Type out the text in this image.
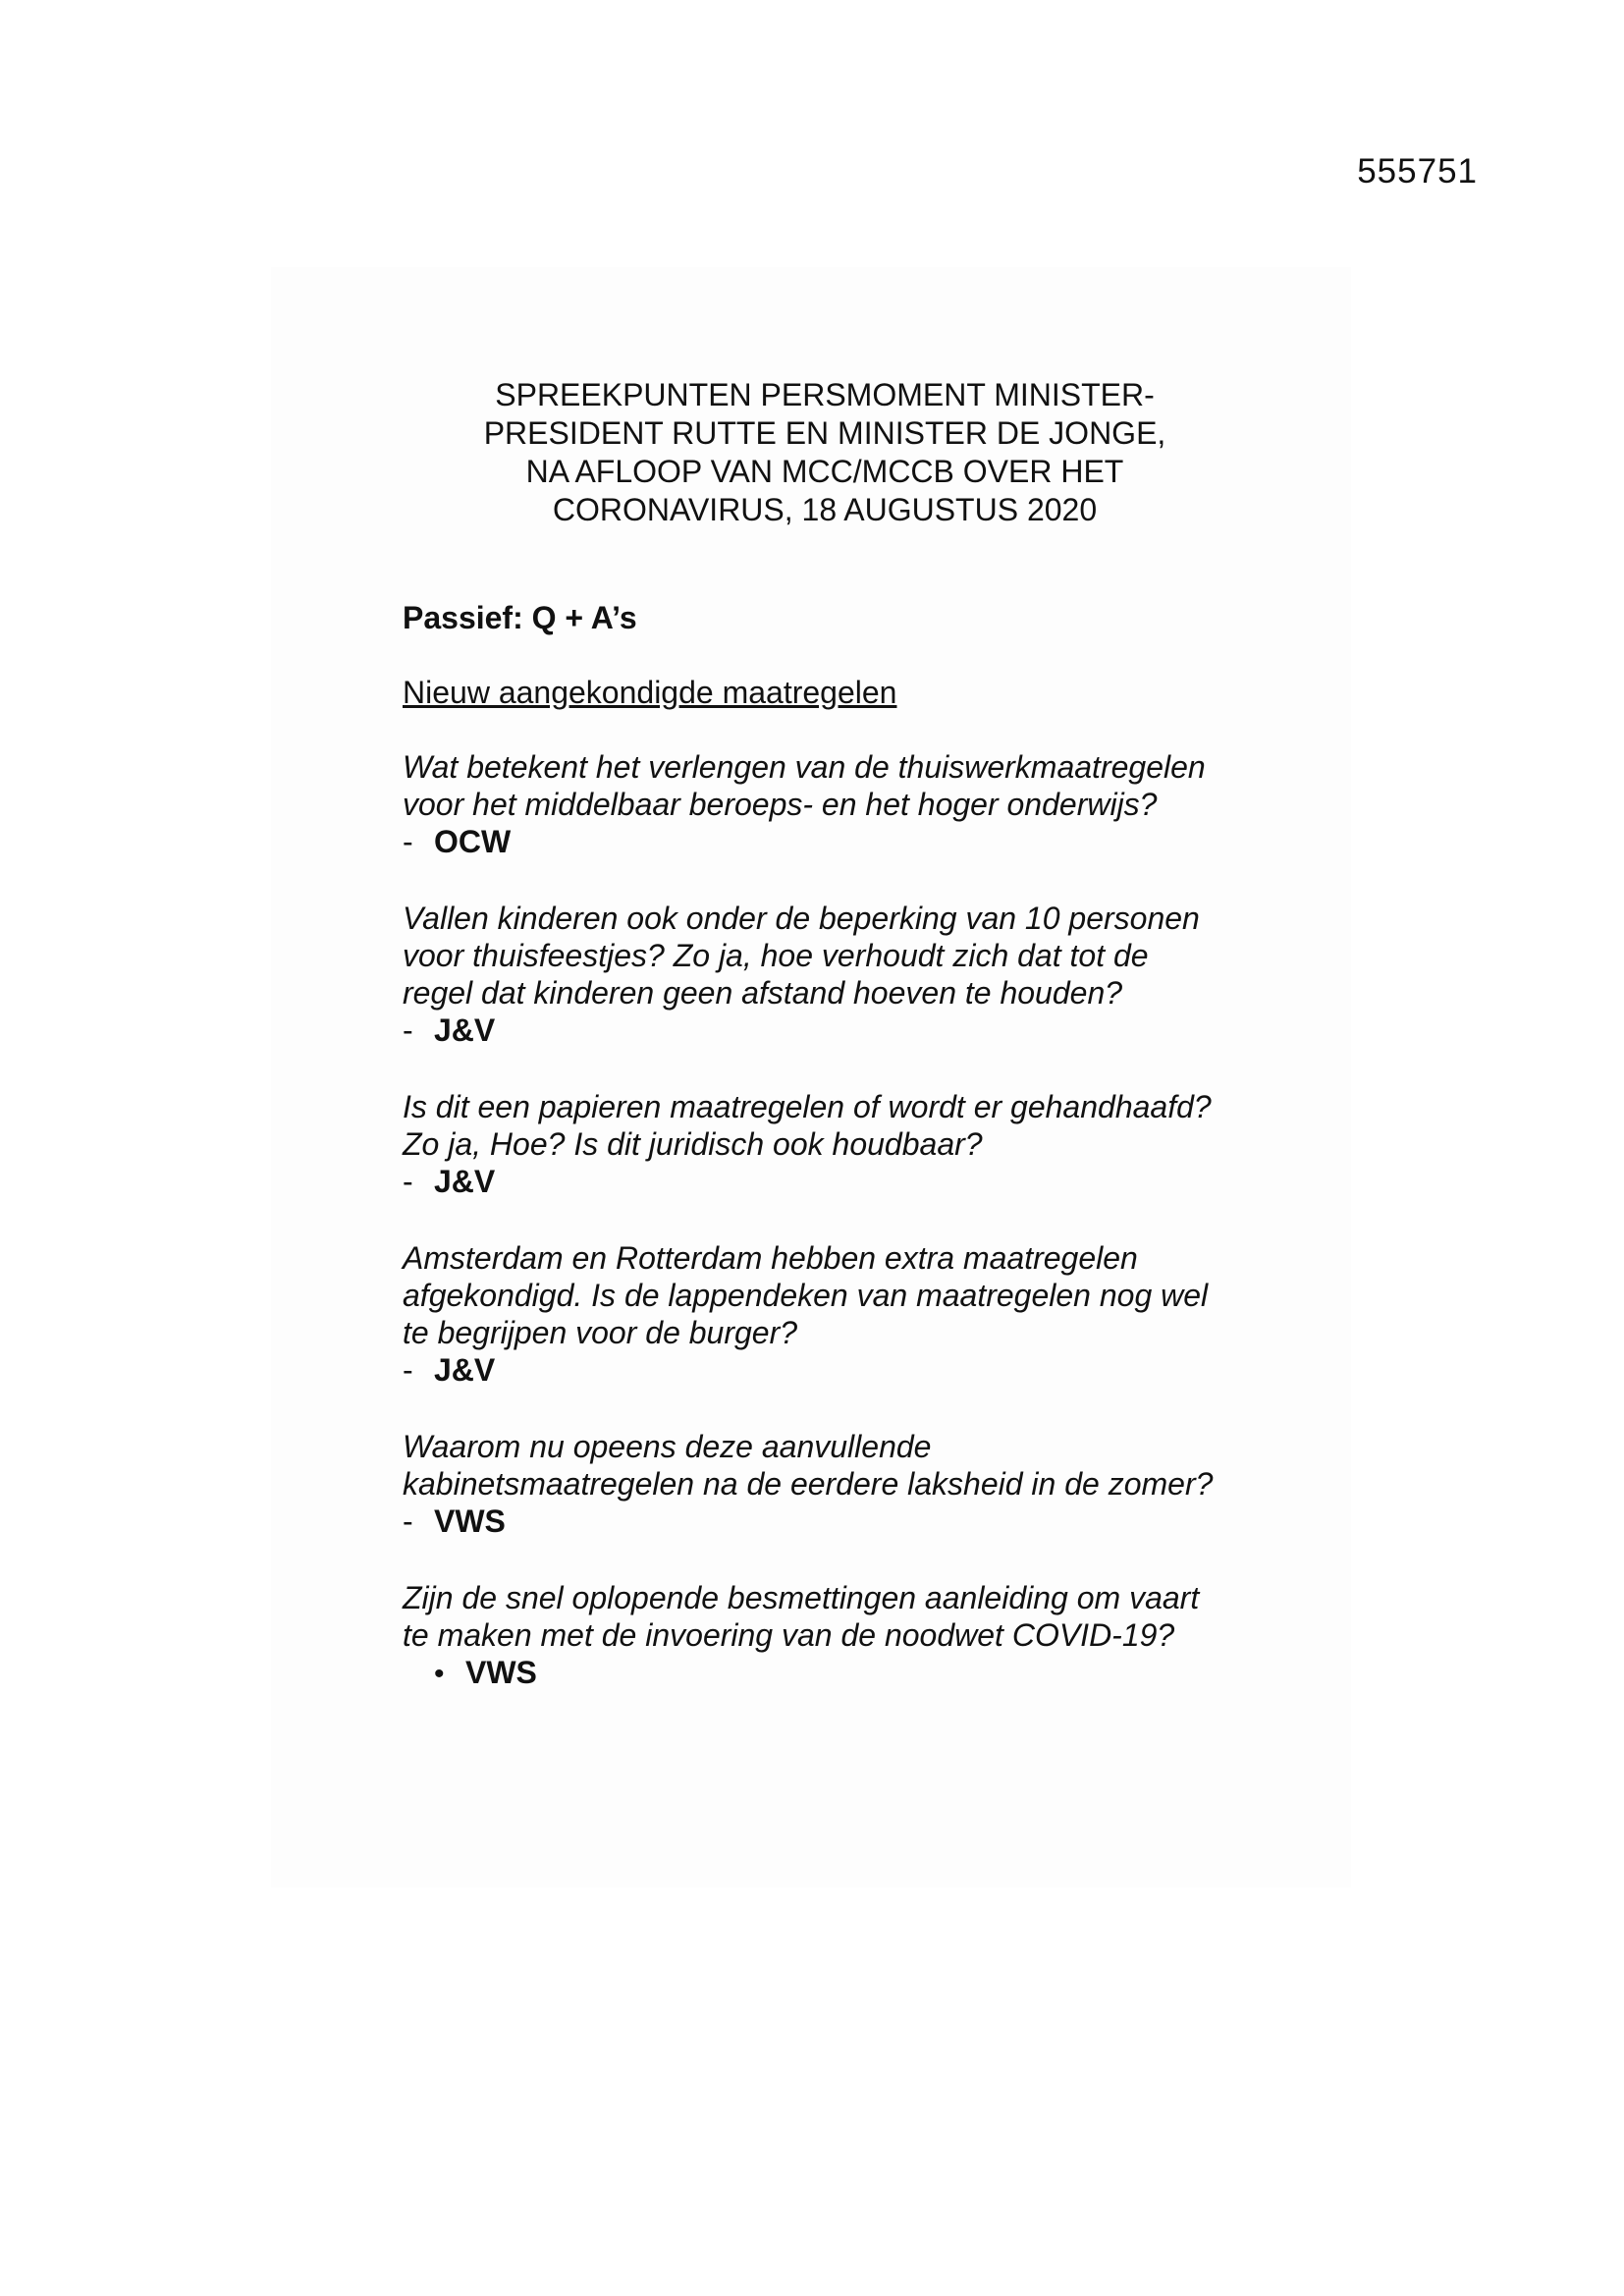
555751
SPREEKPUNTEN PERSMOMENT MINISTER-
PRESIDENT RUTTE EN MINISTER DE JONGE,
NA AFLOOP VAN MCC/MCCB OVER HET
CORONAVIRUS, 18 AUGUSTUS 2020

Passief: Q + A’s

Nieuw aangekondigde maatregelen

Wat betekent het verlengen van de thuiswerkmaatregelen
voor het middelbaar beroeps- en het hoger onderwijs?
- OCW
Vallen kinderen ook onder de beperking van 10 personen
voor thuisfeestjes? Zo ja, hoe verhoudt zich dat tot de
regel dat kinderen geen afstand hoeven te houden?
- J&V
Is dit een papieren maatregelen of wordt er gehandhaafd?
Zo ja, Hoe? Is dit juridisch ook houdbaar?
- J&V
Amsterdam en Rotterdam hebben extra maatregelen
afgekondigd. Is de lappendeken van maatregelen nog wel
te begrijpen voor de burger?
- J&V
Waarom nu opeens deze aanvullende
kabinetsmaatregelen na de eerdere laksheid in de zomer?
- VWS
Zijn de snel oplopende besmettingen aanleiding om vaart
te maken met de invoering van de noodwet COVID-19?
• VWS
